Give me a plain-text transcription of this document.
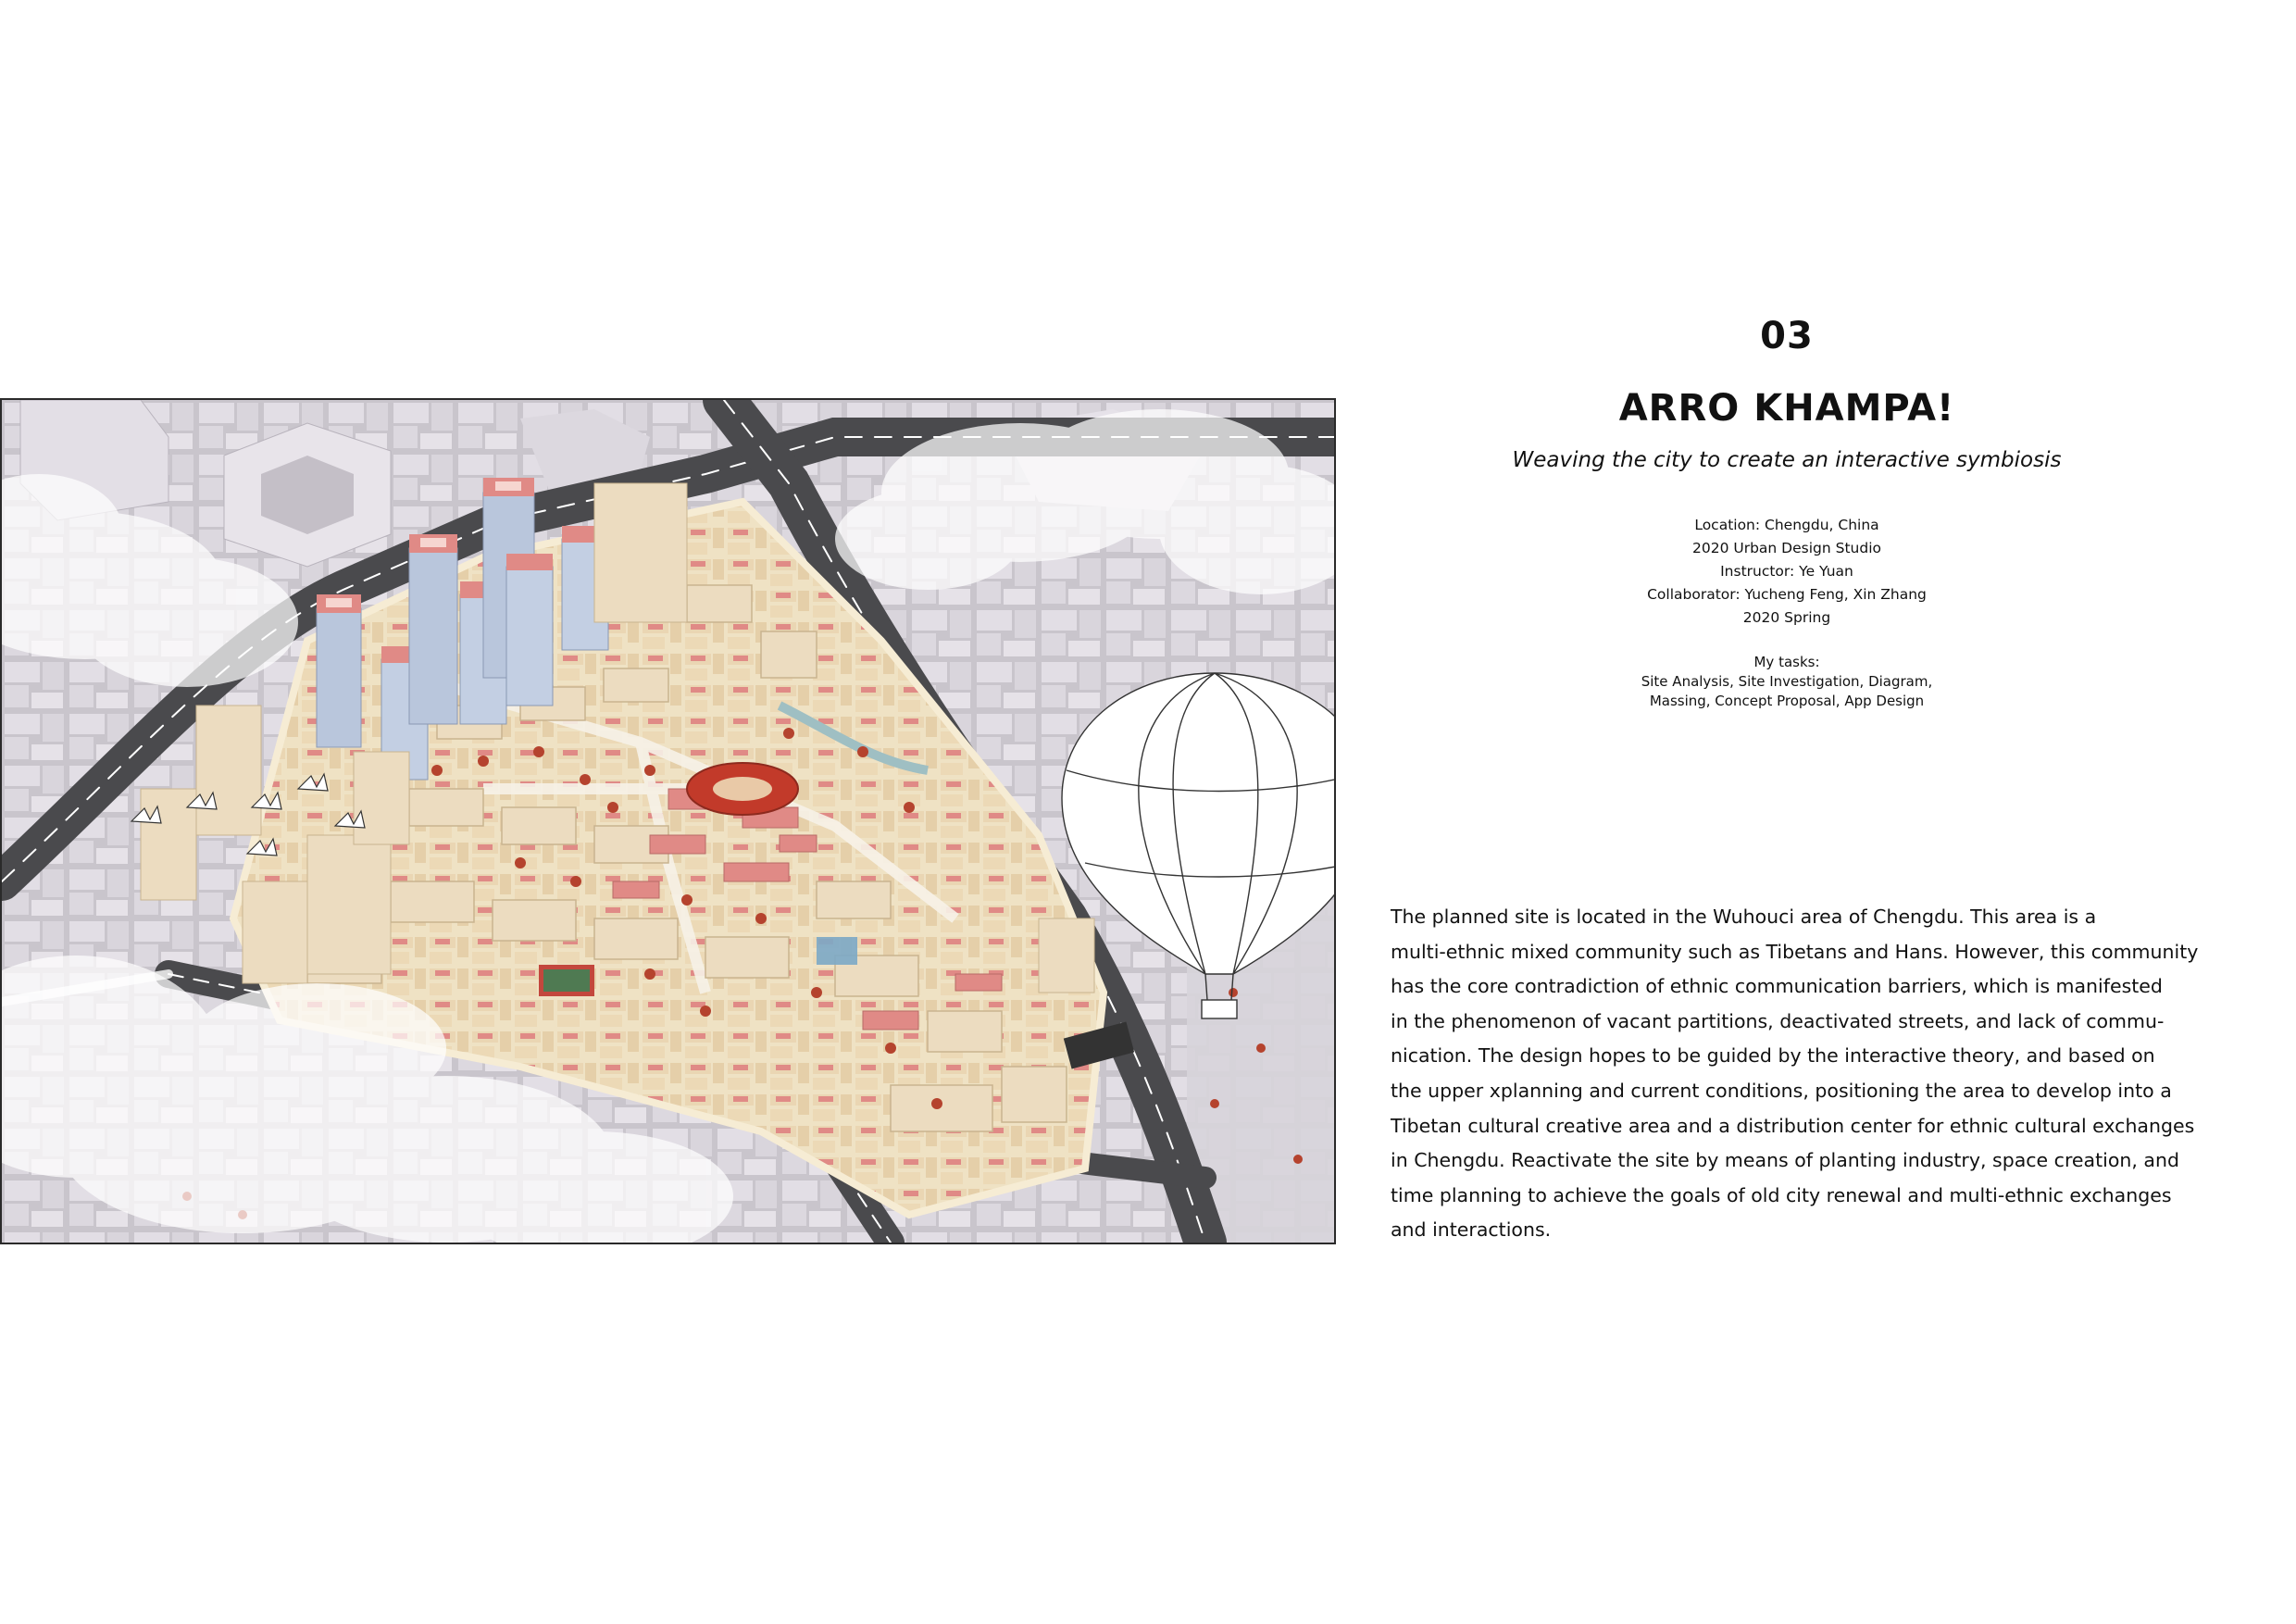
03
ARRO KHAMPA!
Weaving the city to create an interactive symbiosis
Location: Chengdu, China
2020 Urban Design Studio
Instructor: Ye Yuan
Collaborator: Yucheng Feng, Xin Zhang
2020 Spring
My tasks:
Site Analysis, Site Investigation, Diagram,
Massing, Concept Proposal, App Design
The planned site is located in the Wuhouci area of Chengdu. This area is a
multi-ethnic mixed community such as Tibetans and Hans. However, this community
has the core contradiction of ethnic communication barriers, which is manifested
in the phenomenon of vacant partitions, deactivated streets, and lack of commu-
nication. The design hopes to be guided by the interactive theory, and based on
the upper xplanning and current conditions, positioning the area to develop into a
Tibetan cultural creative area and a distribution center for ethnic cultural exchanges
in Chengdu. Reactivate the site by means of planting industry, space creation, and
time planning to achieve the goals of old city renewal and multi-ethnic exchanges
and interactions.
